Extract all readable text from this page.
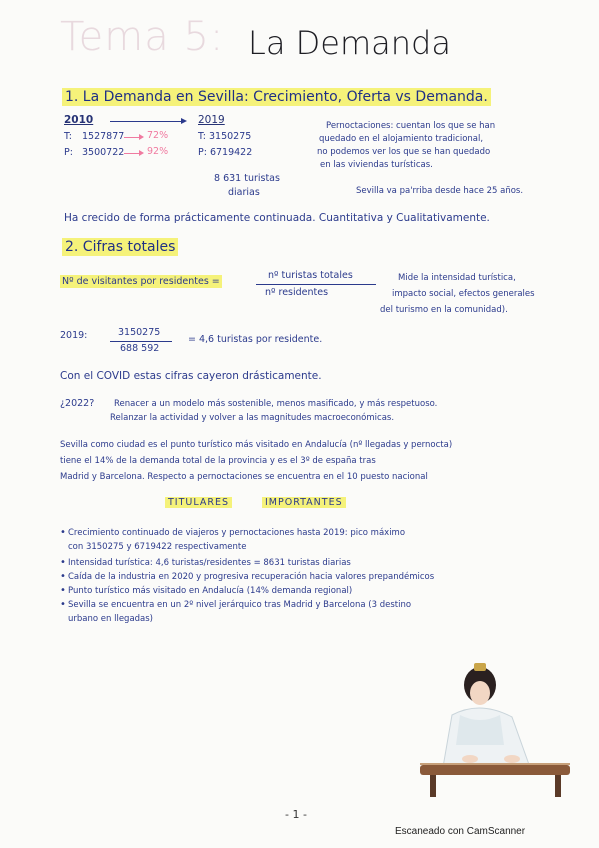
Tema 5: La Demanda
1. La Demanda en Sevilla: Crecimiento, Oferta vs Demanda.
2010	2019
T: 1527877 72%	T: 3150275
P: 3500722 92%	P: 6719422
8 631 turistas
diarias
Pernoctaciones: cuentan los que se han
quedado en el alojamiento tradicional,
no podemos ver los que se han quedado
en las viviendas turísticas.
Sevilla va pa'rriba desde hace 25 años.
Ha crecido de forma prácticamente continuada. Cuantitativa y Cualitativamente.
2. Cifras totales
Nº de visitantes por residentes =
nº turistas totales
nº residentes
Mide la intensidad turística,
impacto social, efectos generales
del turismo en la comunidad).
2019:	3150275
688 592
= 4,6 turistas por residente.
Con el COVID estas cifras cayeron drásticamente.
¿2022? Renacer a un modelo más sostenible, menos masificado, y más respetuoso.
Relanzar la actividad y volver a las magnitudes macroeconómicas.
Sevilla como ciudad es el punto turístico más visitado en Andalucía (nº llegadas y pernocta)
tiene el 14% de la demanda total de la provincia y es el 3º de españa tras
Madrid y Barcelona. Respecto a pernoctaciones se encuentra en el 10 puesto nacional
TITULARES	IMPORTANTES
• Crecimiento continuado de viajeros y pernoctaciones hasta 2019: pico máximo
con 3150275 y 6719422 respectivamente
• Intensidad turística: 4,6 turistas/residentes = 8631 turistas diarias
• Caída de la industria en 2020 y progresiva recuperación hacia valores prepandémicos
• Punto turístico más visitado en Andalucía (14% demanda regional)
• Sevilla se encuentra en un 2º nivel jerárquico tras Madrid y Barcelona (3 destino
urbano en llegadas)
- 1 -
Escaneado con CamScanner
